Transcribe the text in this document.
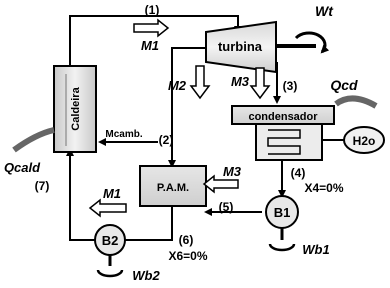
Caldeira
turbina
condensador
H2o
P.A.M.
B1
B2
(1)
(2)
(3)
(4)
(5)
(6)
(7)
M1
M2	M3
M3
M1
Mcamb.
Wt
Qcd
Qcald
Wb1
Wb2
X4=0%
X6=0%
